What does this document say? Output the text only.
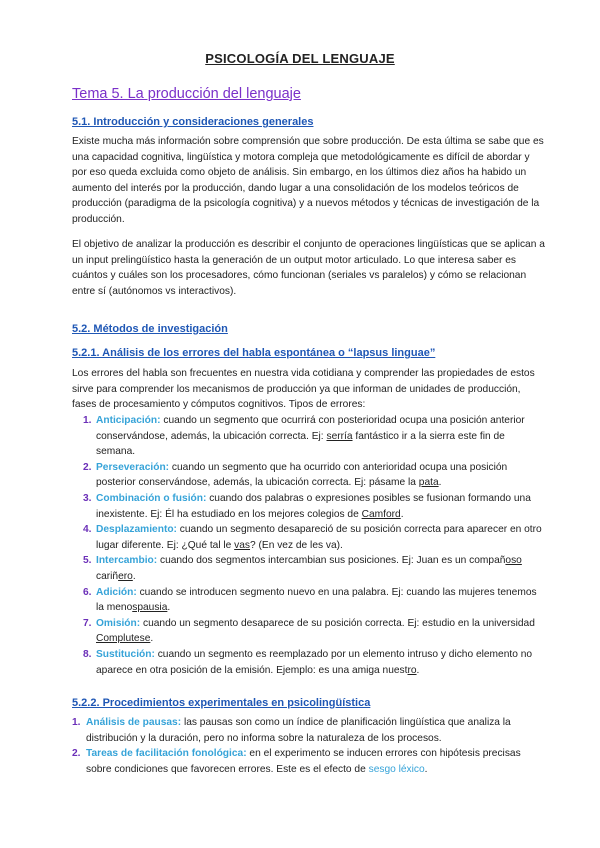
PSICOLOGÍA DEL LENGUAJE
Tema 5. La producción del lenguaje
5.1. Introducción y consideraciones generales
Existe mucha más información sobre comprensión que sobre producción. De esta última se sabe que es una capacidad cognitiva, lingüística y motora compleja que metodológicamente es difícil de abordar y por eso queda excluida como objeto de análisis. Sin embargo, en los últimos diez años ha habido un aumento del interés por la producción, dando lugar a una consolidación de los modelos teóricos de producción (paradigma de la psicología cognitiva) y a nuevos métodos y técnicas de investigación de la producción.
El objetivo de analizar la producción es describir el conjunto de operaciones lingüísticas que se aplican a un input prelingüístico hasta la generación de un output motor articulado. Lo que interesa saber es cuántos y cuáles son los procesadores, cómo funcionan (seriales vs paralelos) y cómo se relacionan entre sí (autónomos vs interactivos).
5.2. Métodos de investigación
5.2.1. Análisis de los errores del habla espontánea o “lapsus linguae”
Los errores del habla son frecuentes en nuestra vida cotidiana y comprender las propiedades de estos sirve para comprender los mecanismos de producción ya que informan de unidades de producción, fases de procesamiento y cómputos cognitivos. Tipos de errores:
1. Anticipación: cuando un segmento que ocurrirá con posterioridad ocupa una posición anterior conservándose, además, la ubicación correcta. Ej: serría fantástico ir a la sierra este fin de semana.
2. Perseveración: cuando un segmento que ha ocurrido con anterioridad ocupa una posición posterior conservándose, además, la ubicación correcta. Ej: pásame la pata.
3. Combinación o fusión: cuando dos palabras o expresiones posibles se fusionan formando una inexistente. Ej: Él ha estudiado en los mejores colegios de Camford.
4. Desplazamiento: cuando un segmento desapareció de su posición correcta para aparecer en otro lugar diferente. Ej: ¿Qué tal le vas? (En vez de les va).
5. Intercambio: cuando dos segmentos intercambian sus posiciones. Ej: Juan es un compañoso cariñero.
6. Adición: cuando se introducen segmento nuevo en una palabra. Ej: cuando las mujeres tenemos la menospausia.
7. Omisión: cuando un segmento desaparece de su posición correcta. Ej: estudio en la universidad Complutese.
8. Sustitución: cuando un segmento es reemplazado por un elemento intruso y dicho elemento no aparece en otra posición de la emisión. Ejemplo: es una amiga nuestro.
5.2.2. Procedimientos experimentales en psicolingüística
1. Análisis de pausas: las pausas son como un índice de planificación lingüística que analiza la distribución y la duración, pero no informa sobre la naturaleza de los procesos.
2. Tareas de facilitación fonológica: en el experimento se inducen errores con hipótesis precisas sobre condiciones que favorecen errores. Este es el efecto de sesgo léxico.
